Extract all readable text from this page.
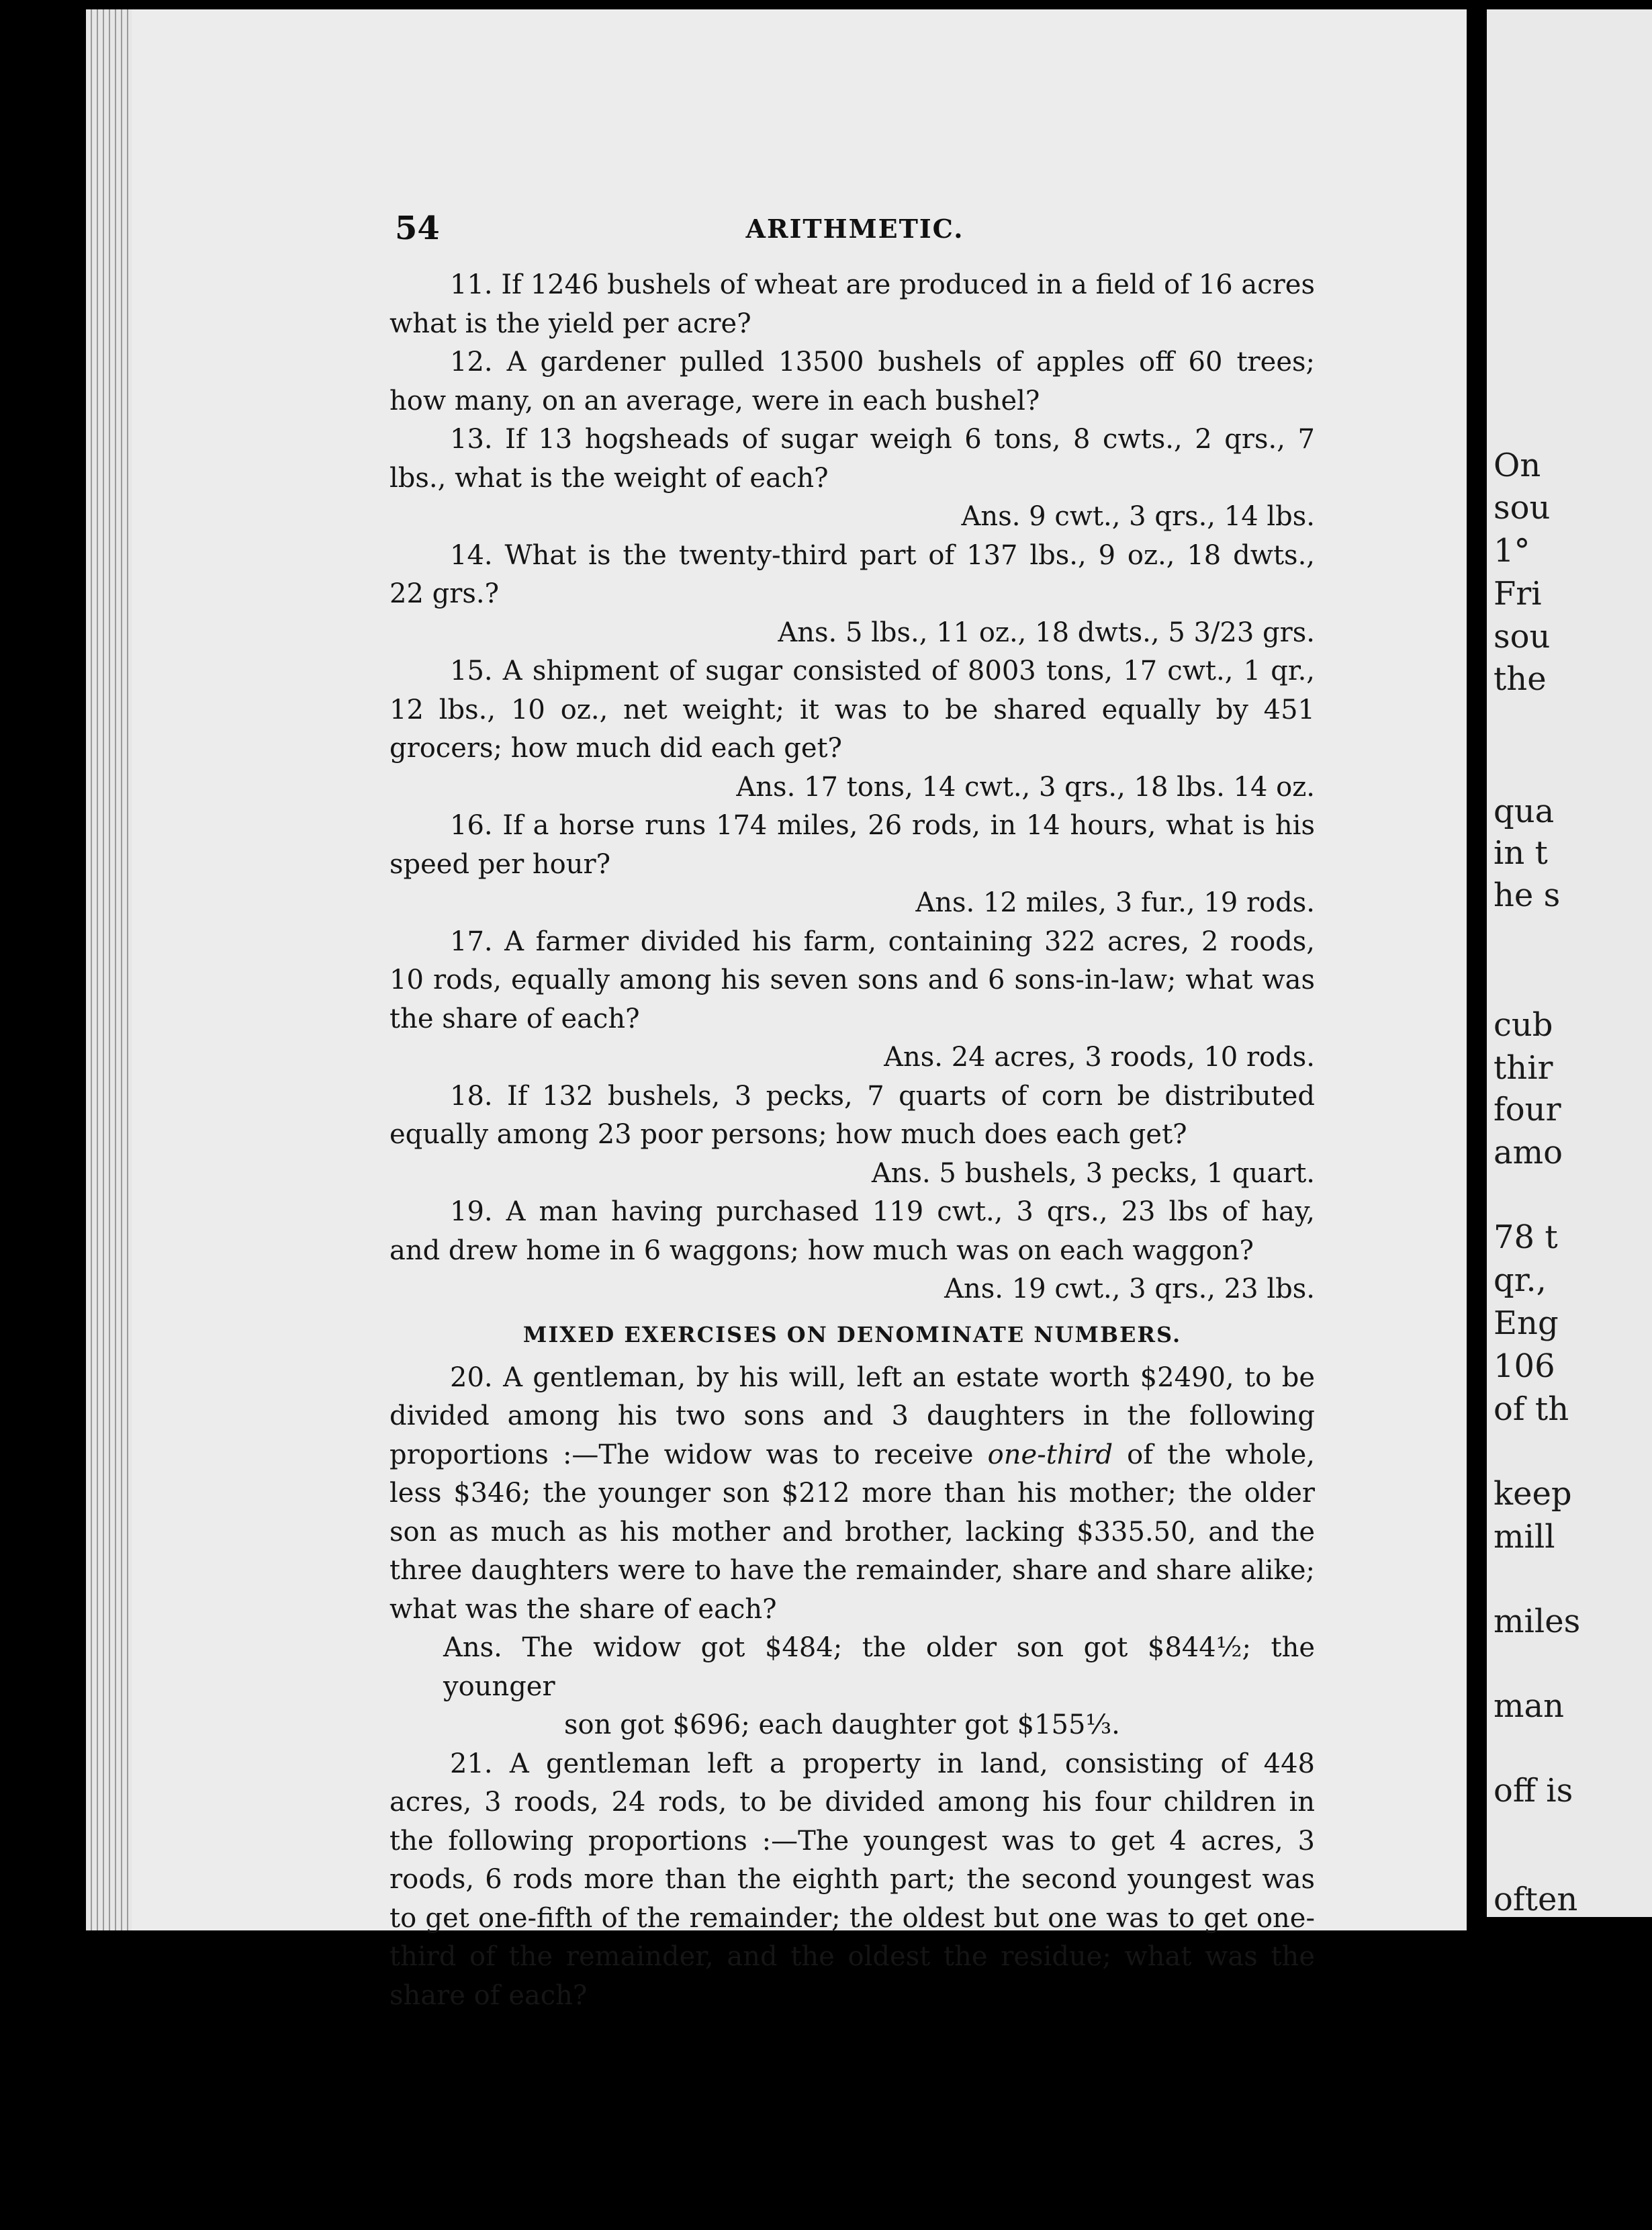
On
sou
1°
Fri
sou
the
qua
in t
he s
cub
thir
four
amo
78 t
qr.,
Eng
106
of th
keep
mill
miles
man
off is
often
54	ARITHMETIC.

11. If 1246 bushels of wheat are produced in a field of 16 acres what is the yield per acre?

12. A gardener pulled 13500 bushels of apples off 60 trees; how many, on an average, were in each bushel?

13. If 13 hogsheads of sugar weigh 6 tons, 8 cwts., 2 qrs., 7 lbs., what is the weight of each?

Ans. 9 cwt., 3 qrs., 14 lbs.

14. What is the twenty-third part of 137 lbs., 9 oz., 18 dwts., 22 grs.?

Ans. 5 lbs., 11 oz., 18 dwts., 5 3/23 grs.

15. A shipment of sugar consisted of 8003 tons, 17 cwt., 1 qr., 12 lbs., 10 oz., net weight; it was to be shared equally by 451 grocers; how much did each get?

Ans. 17 tons, 14 cwt., 3 qrs., 18 lbs. 14 oz.

16. If a horse runs 174 miles, 26 rods, in 14 hours, what is his speed per hour?

Ans. 12 miles, 3 fur., 19 rods.

17. A farmer divided his farm, containing 322 acres, 2 roods, 10 rods, equally among his seven sons and 6 sons-in-law; what was the share of each?

Ans. 24 acres, 3 roods, 10 rods.

18. If 132 bushels, 3 pecks, 7 quarts of corn be distributed equally among 23 poor persons; how much does each get?

Ans. 5 bushels, 3 pecks, 1 quart.

19. A man having purchased 119 cwt., 3 qrs., 23 lbs of hay, and drew home in 6 waggons; how much was on each waggon?

Ans. 19 cwt., 3 qrs., 23 lbs.

MIXED EXERCISES ON DENOMINATE NUMBERS.

20. A gentleman, by his will, left an estate worth $2490, to be divided among his two sons and 3 daughters in the following proportions :—The widow was to receive one-third of the whole, less $346; the younger son $212 more than his mother; the older son as much as his mother and brother, lacking $335.50, and the three daughters were to have the remainder, share and share alike; what was the share of each?

Ans. The widow got $484; the older son got $844½; the younger
son got $696; each daughter got $155⅓.

21. A gentleman left a property in land, consisting of 448 acres, 3 roods, 24 rods, to be divided among his four children in the following proportions :—The youngest was to get 4 acres, 3 roods, 6 rods more than the eighth part; the second youngest was to get one-fifth of the remainder; the oldest but one was to get one-third of the remainder, and the oldest the residue; what was the share of each?
